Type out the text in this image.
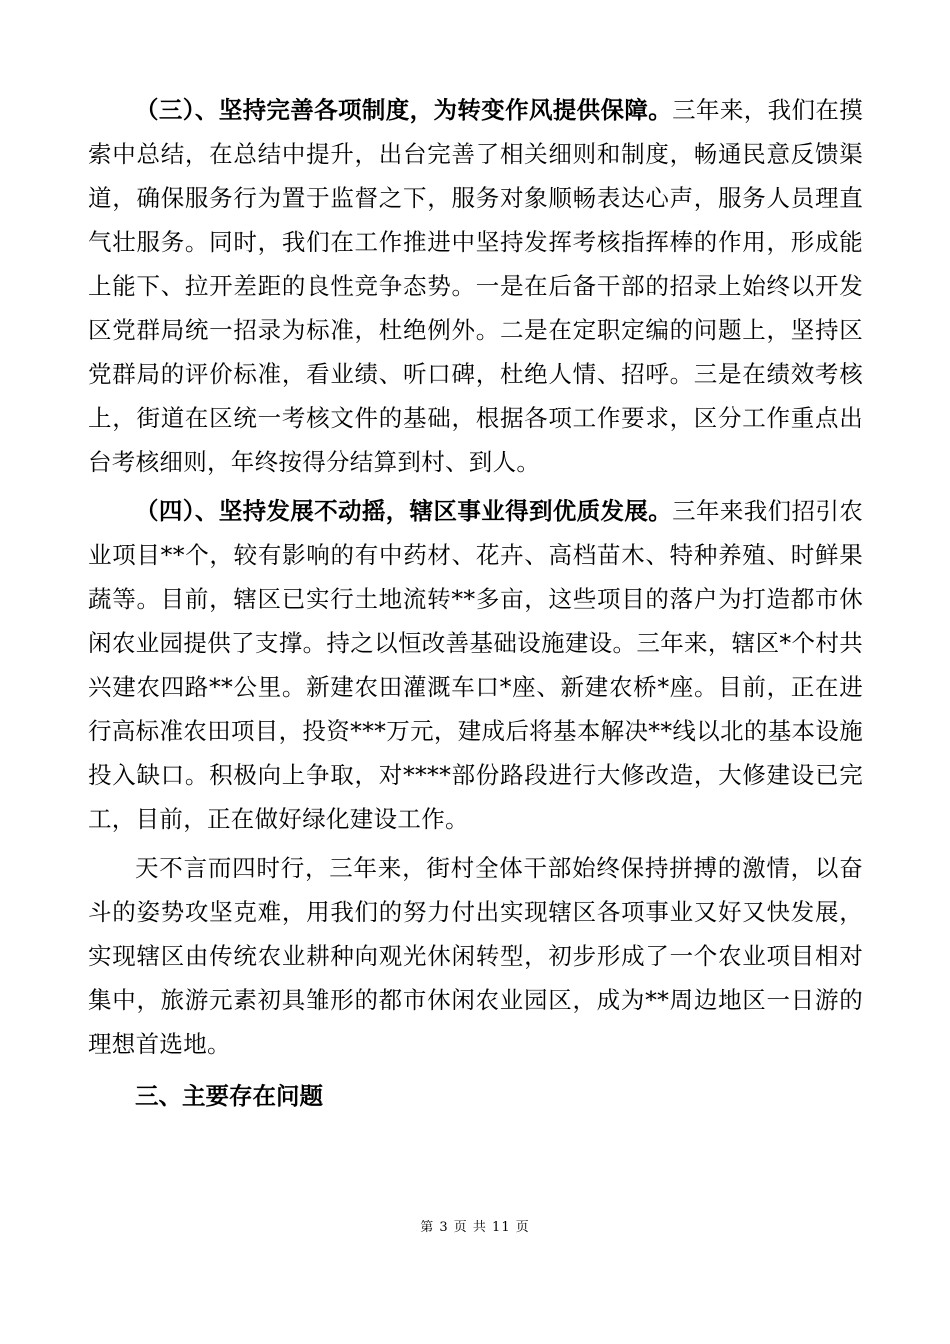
（三）、坚持完善各项制度，为转变作风提供保障。三年来，我们在摸索中总结，在总结中提升，出台完善了相关细则和制度，畅通民意反馈渠道，确保服务行为置于监督之下，服务对象顺畅表达心声，服务人员理直气壮服务。同时，我们在工作推进中坚持发挥考核指挥棒的作用，形成能上能下、拉开差距的良性竞争态势。一是在后备干部的招录上始终以开发区党群局统一招录为标准，杜绝例外。二是在定职定编的问题上，坚持区党群局的评价标准，看业绩、听口碑，杜绝人情、招呼。三是在绩效考核上，街道在区统一考核文件的基础，根据各项工作要求，区分工作重点出台考核细则，年终按得分结算到村、到人。

（四）、坚持发展不动摇，辖区事业得到优质发展。三年来我们招引农业项目**个，较有影响的有中药材、花卉、高档苗木、特种养殖、时鲜果蔬等。目前，辖区已实行土地流转**多亩，这些项目的落户为打造都市休闲农业园提供了支撑。持之以恒改善基础设施建设。三年来，辖区*个村共兴建农四路**公里。新建农田灌溉车口*座、新建农桥*座。目前，正在进行高标准农田项目，投资***万元，建成后将基本解决**线以北的基本设施投入缺口。积极向上争取，对****部份路段进行大修改造，大修建设已完工，目前，正在做好绿化建设工作。

天不言而四时行，三年来，街村全体干部始终保持拼搏的激情，以奋斗的姿势攻坚克难，用我们的努力付出实现辖区各项事业又好又快发展，实现辖区由传统农业耕种向观光休闲转型，初步形成了一个农业项目相对集中，旅游元素初具雏形的都市休闲农业园区，成为**周边地区一日游的理想首选地。

三、主要存在问题

第 3 页 共 11 页
